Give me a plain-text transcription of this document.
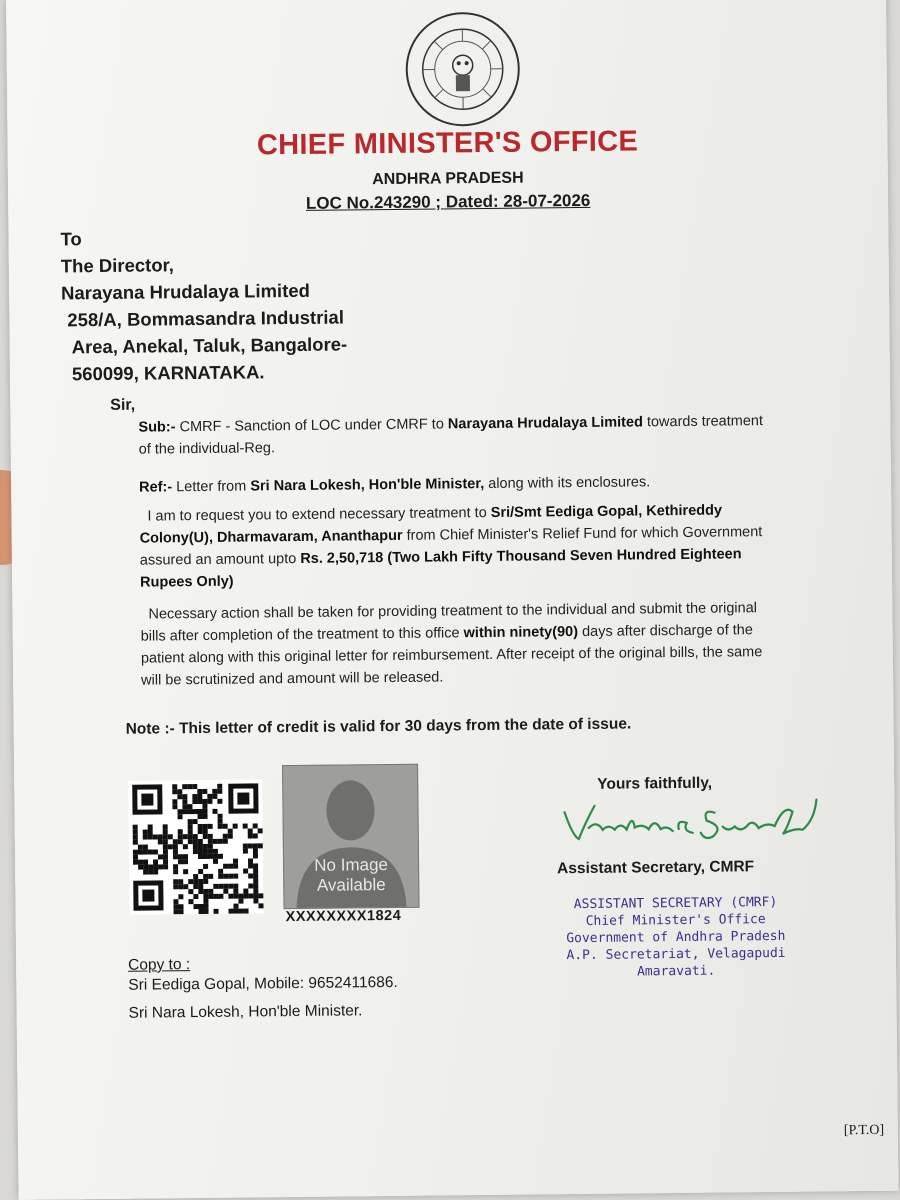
CHIEF MINISTER'S OFFICE
ANDHRA PRADESH
LOC No.243290 ; Dated: 28-07-2026
To
The Director,
Narayana Hrudalaya Limited
258/A, Bommasandra Industrial
Area, Anekal, Taluk, Bangalore-
560099, KARNATAKA.
Sir,
Sub:- CMRF - Sanction of LOC under CMRF to Narayana Hrudalaya Limited towards treatment of the individual-Reg.
Ref:- Letter from Sri Nara Lokesh, Hon'ble Minister, along with its enclosures.
I am to request you to extend necessary treatment to Sri/Smt Eediga Gopal, Kethireddy Colony(U), Dharmavaram, Ananthapur from Chief Minister's Relief Fund for which Government assured an amount upto Rs. 2,50,718 (Two Lakh Fifty Thousand Seven Hundred Eighteen Rupees Only)
Necessary action shall be taken for providing treatment to the individual and submit the original bills after completion of the treatment to this office within ninety(90) days after discharge of the patient along with this original letter for reimbursement. After receipt of the original bills, the same will be scrutinized and amount will be released.
Note :- This letter of credit is valid for 30 days from the date of issue.
No Image
Available
XXXXXXXX1824
Yours faithfully,
Assistant Secretary, CMRF
ASSISTANT SECRETARY (CMRF)
Chief Minister's Office
Government of Andhra Pradesh
A.P. Secretariat, Velagapudi
Amaravati.
Copy to :
Sri Eediga Gopal, Mobile: 9652411686.
Sri Nara Lokesh, Hon'ble Minister.
[P.T.O]
